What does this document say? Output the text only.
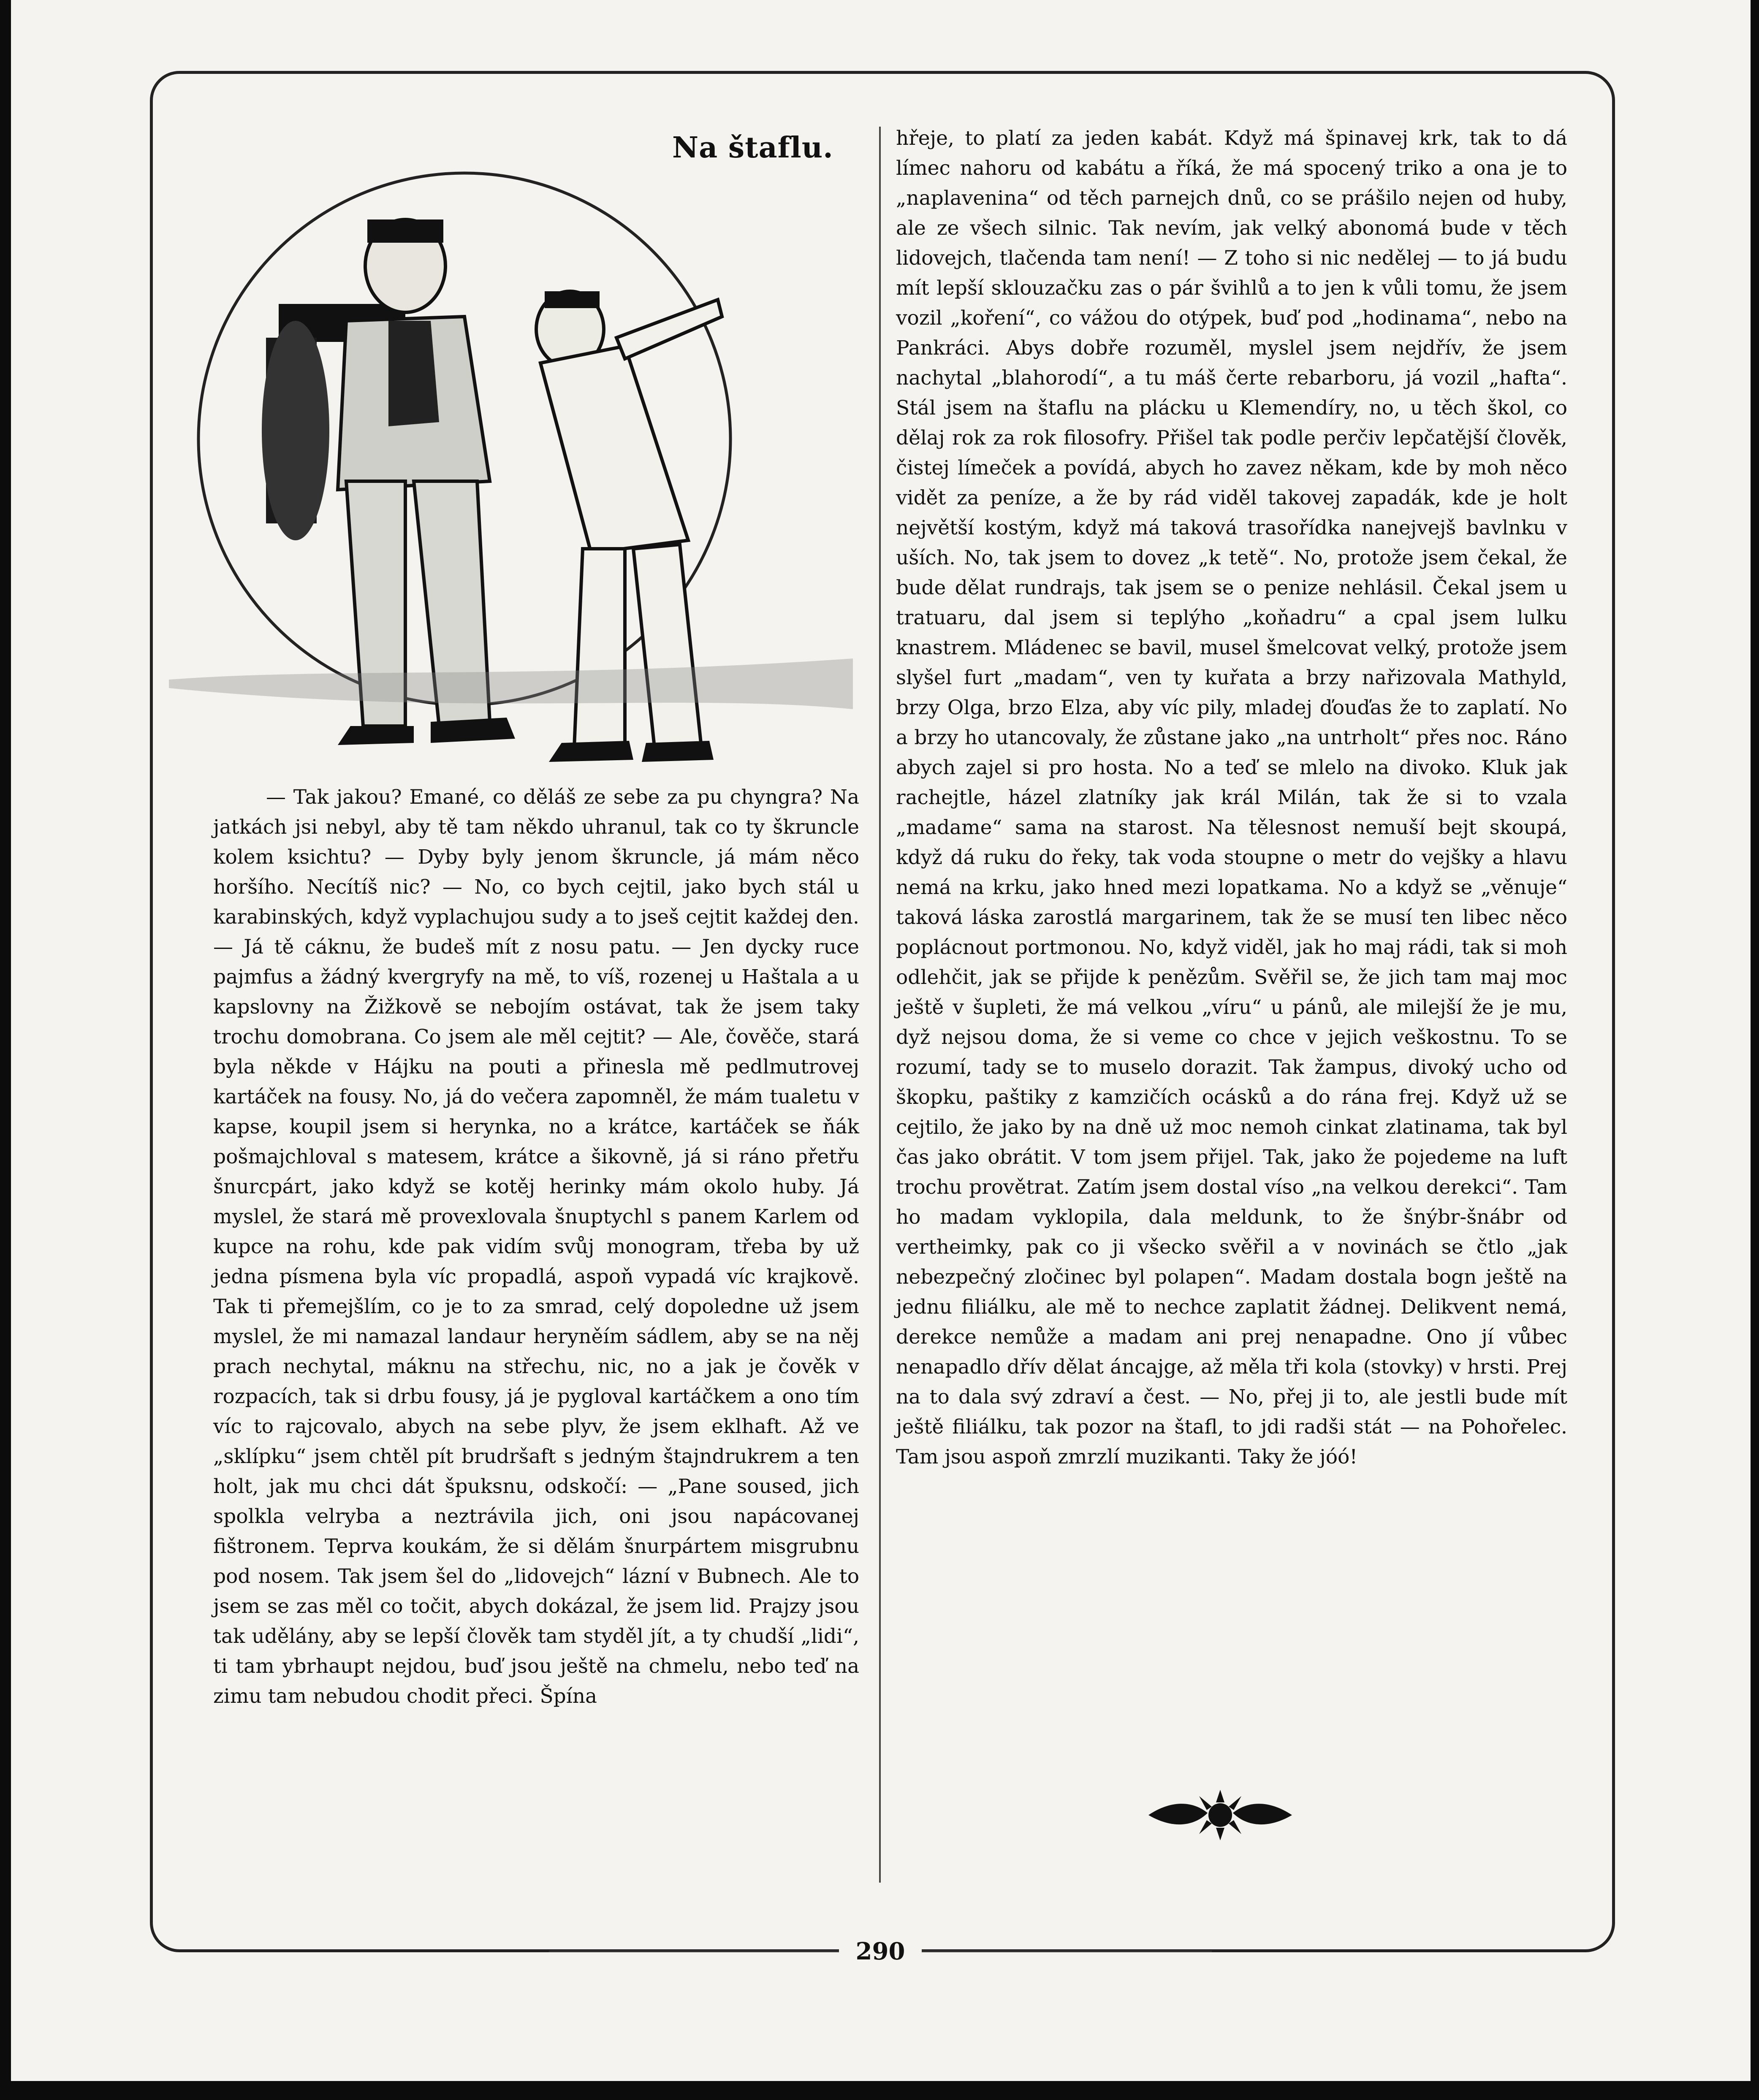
Na štaflu.

— Tak jakou? Emané, co děláš ze sebe za pu chyngra? Na jatkách jsi nebyl, aby tě tam někdo uhranul, tak co ty škruncle kolem ksichtu? — Dyby byly jenom škruncle, já mám něco horšího. Necítíš nic? — No, co bych cejtil, jako bych stál u karabinských, když vyplachujou sudy a to jseš cejtit každej den. — Já tě cáknu, že budeš mít z nosu patu. — Jen dycky ruce pajmfus a žádný kvergryfy na mě, to víš, rozenej u Haštala a u kapslovny na Žižkově se nebojím ostávat, tak že jsem taky trochu domobrana. Co jsem ale měl cejtit? — Ale, čověče, stará byla někde v Hájku na pouti a přinesla mě pedlmutrovej kartáček na fousy. No, já do večera zapomněl, že mám tualetu v kapse, koupil jsem si herynka, no a krátce, kartáček se ňák pošmajchloval s matesem, krátce a šikovně, já si ráno přetřu šnurcpárt, jako když se kotěj herinky mám okolo huby. Já myslel, že stará mě provexlovala šnuptychl s panem Karlem od kupce na rohu, kde pak vidím svůj monogram, třeba by už jedna písmena byla víc propadlá, aspoň vypadá víc krajkově. Tak ti přemejšlím, co je to za smrad, celý dopoledne už jsem myslel, že mi namazal landaur heryněím sádlem, aby se na něj prach nechytal, máknu na střechu, nic, no a jak je čověk v rozpacích, tak si drbu fousy, já je pygloval kartáčkem a ono tím víc to rajcovalo, abych na sebe plyv, že jsem eklhaft. Až ve „sklípku“ jsem chtěl pít brudršaft s jedným štajndrukrem a ten holt, jak mu chci dát špuksnu, odskočí: — „Pane soused, jich spolkla velryba a neztrávila jich, oni jsou napácovanej fištronem. Teprva koukám, že si dělám šnurpártem misgrubnu pod nosem. Tak jsem šel do „lidovejch“ lázní v Bubnech. Ale to jsem se zas měl co točit, abych dokázal, že jsem lid. Prajzy jsou tak udělány, aby se lepší člověk tam styděl jít, a ty chudší „lidi“, ti tam ybrhaupt nejdou, buď jsou ještě na chmelu, nebo teď na zimu tam nebudou chodit přeci. Špína

hřeje, to platí za jeden kabát. Když má špinavej krk, tak to dá límec nahoru od kabátu a říká, že má spocený triko a ona je to „naplavenina“ od těch parnejch dnů, co se prášilo nejen od huby, ale ze všech silnic. Tak nevím, jak velký abonomá bude v těch lidovejch, tlačenda tam není! — Z toho si nic nedělej — to já budu mít lepší sklouzačku zas o pár švihlů a to jen k vůli tomu, že jsem vozil „koření“, co vážou do otýpek, buď pod „hodinama“, nebo na Pankráci. Abys dobře rozuměl, myslel jsem nejdřív, že jsem nachytal „blahorodí“, a tu máš čerte rebarboru, já vozil „hafta“. Stál jsem na štaflu na plácku u Klemendíry, no, u těch škol, co dělaj rok za rok filosofry. Přišel tak podle perčiv lepčatější člověk, čistej límeček a povídá, abych ho zavez někam, kde by moh něco vidět za peníze, a že by rád viděl takovej zapadák, kde je holt největší kostým, když má taková trasořídka nanejvejš bavlnku v uších. No, tak jsem to dovez „k tetě“. No, protože jsem čekal, že bude dělat rundrajs, tak jsem se o penize nehlásil. Čekal jsem u tratuaru, dal jsem si teplýho „koňadru“ a cpal jsem lulku knastrem. Mládenec se bavil, musel šmelcovat velký, protože jsem slyšel furt „madam“, ven ty kuřata a brzy nařizovala Mathyld, brzy Olga, brzo Elza, aby víc pily, mladej ďouďas že to zaplatí. No a brzy ho utancovaly, že zůstane jako „na untrholt“ přes noc. Ráno abych zajel si pro hosta. No a teď se mlelo na divoko. Kluk jak rachejtle, házel zlatníky jak král Milán, tak že si to vzala „madame“ sama na starost. Na tělesnost nemuší bejt skoupá, když dá ruku do řeky, tak voda stoupne o metr do vejšky a hlavu nemá na krku, jako hned mezi lopatkama. No a když se „věnuje“ taková láska zarostlá margarinem, tak že se musí ten libec něco poplácnout portmonou. No, když viděl, jak ho maj rádi, tak si moh odlehčit, jak se přijde k penězům. Svěřil se, že jich tam maj moc ještě v šupleti, že má velkou „víru“ u pánů, ale milejší že je mu, dyž nejsou doma, že si veme co chce v jejich veškostnu. To se rozumí, tady se to muselo dorazit. Tak žampus, divoký ucho od škopku, paštiky z kamzičích ocásků a do rána frej. Když už se cejtilo, že jako by na dně už moc nemoh cinkat zlatinama, tak byl čas jako obrátit. V tom jsem přijel. Tak, jako že pojedeme na luft trochu provětrat. Zatím jsem dostal víso „na velkou derekci“. Tam ho madam vyklopila, dala meldunk, to že šnýbr-šnábr od vertheimky, pak co ji všecko svěřil a v novinách se čtlo „jak nebezpečný zločinec byl polapen“. Madam dostala bogn ještě na jednu filiálku, ale mě to nechce zaplatit žádnej. Delikvent nemá, derekce nemůže a madam ani prej nenapadne. Ono jí vůbec nenapadlo dřív dělat áncajge, až měla tři kola (stovky) v hrsti. Prej na to dala svý zdraví a čest. — No, přej ji to, ale jestli bude mít ještě filiálku, tak pozor na štafl, to jdi radši stát — na Pohořelec. Tam jsou aspoň zmrzlí muzikanti. Taky že jóó!

290
